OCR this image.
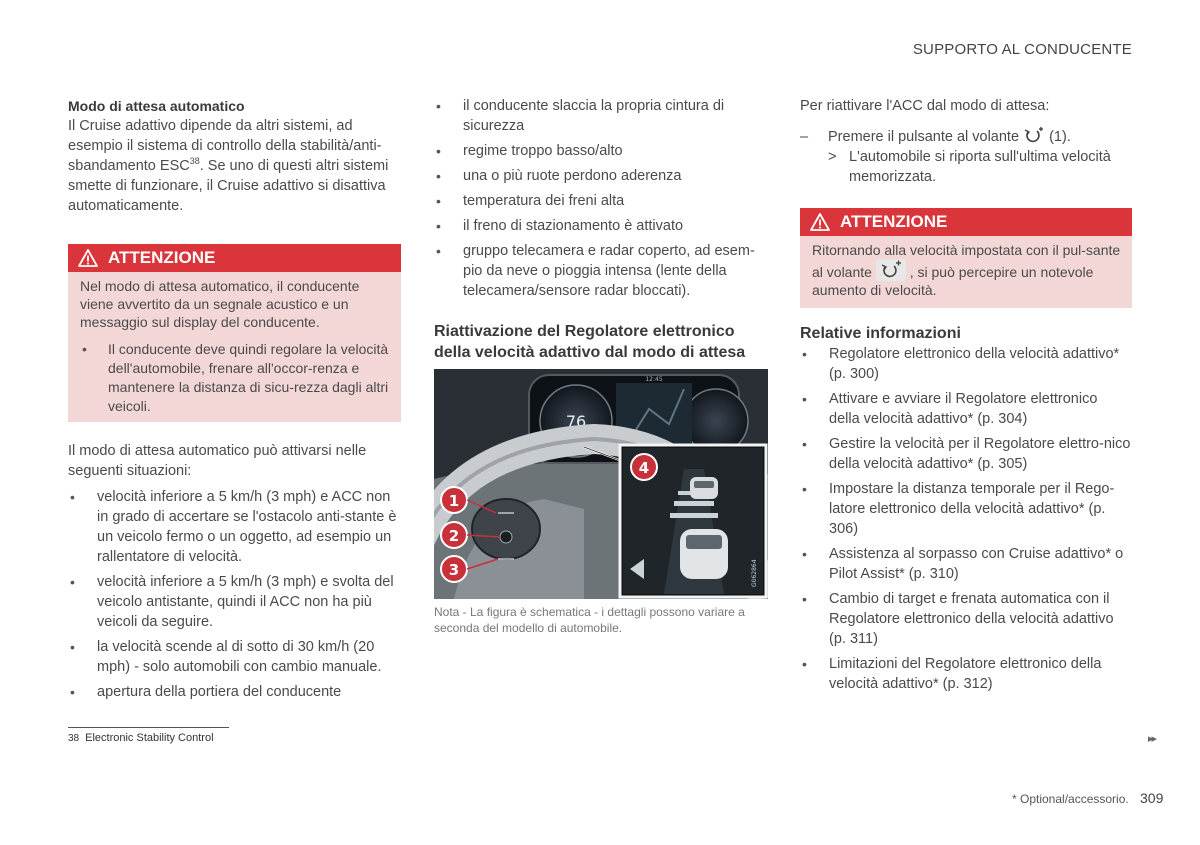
SUPPORTO AL CONDUCENTE
Modo di attesa automatico

Il Cruise adattivo dipende da altri sistemi, ad esempio il sistema di controllo della stabilità/anti-sbandamento ESC$^{38}$. Se uno di questi altri sistemi smette di funzionare, il Cruise adattivo si disattiva automaticamente.

ATTENZIONE
Nel modo di attesa automatico, il conducente viene avvertito da un segnale acustico e un messaggio sul display del conducente.
• Il conducente deve quindi regolare la velocità dell'automobile, frenare all'occor-renza e mantenere la distanza di sicu-rezza dagli altri veicoli.

Il modo di attesa automatico può attivarsi nelle seguenti situazioni:

• velocità inferiore a 5 km/h (3 mph) e ACC non in grado di accertare se l'ostacolo anti-stante è un veicolo fermo o un oggetto, ad esempio un rallentatore di velocità.
• velocità inferiore a 5 km/h (3 mph) e svolta del veicolo antistante, quindi il ACC non ha più veicoli da seguire.
• la velocità scende al di sotto di 30 km/h (20 mph) - solo automobili con cambio manuale.
• apertura della portiera del conducente
• il conducente slaccia la propria cintura di sicurezza
• regime troppo basso/alto
• una o più ruote perdono aderenza
• temperatura dei freni alta
• il freno di stazionamento è attivato
• gruppo telecamera e radar coperto, ad esem-pio da neve o pioggia intensa (lente della telecamera/sensore radar bloccati).
Riattivazione del Regolatore elettronico della velocità adattivo dal modo di attesa
76
12:45
G062864
1
2
3
4
Nota - La figura è schematica - i dettagli possono variare a seconda del modello di automobile.

Per riattivare l'ACC dal modo di attesa:

– Premere il pulsante al volante (1).

> L'automobile si riporta sull'ultima velocità memorizzata.

ATTENZIONE
Ritornando alla velocità impostata con il pul-sante al volante	, si può percepire un notevole aumento di velocità.
Relative informazioni
• Regolatore elettronico della velocità adattivo* (p. 300)
• Attivare e avviare il Regolatore elettronico della velocità adattivo* (p. 304)
• Gestire la velocità per il Regolatore elettro-nico della velocità adattivo* (p. 305)
• Impostare la distanza temporale per il Rego-latore elettronico della velocità adattivo* (p. 306)
• Assistenza al sorpasso con Cruise adattivo* o Pilot Assist* (p. 310)
• Cambio di target e frenata automatica con il Regolatore elettronico della velocità adattivo (p. 311)
• Limitazioni del Regolatore elettronico della velocità adattivo* (p. 312)
38 Electronic Stability Control	▸▸
* Optional/accessorio. 309
